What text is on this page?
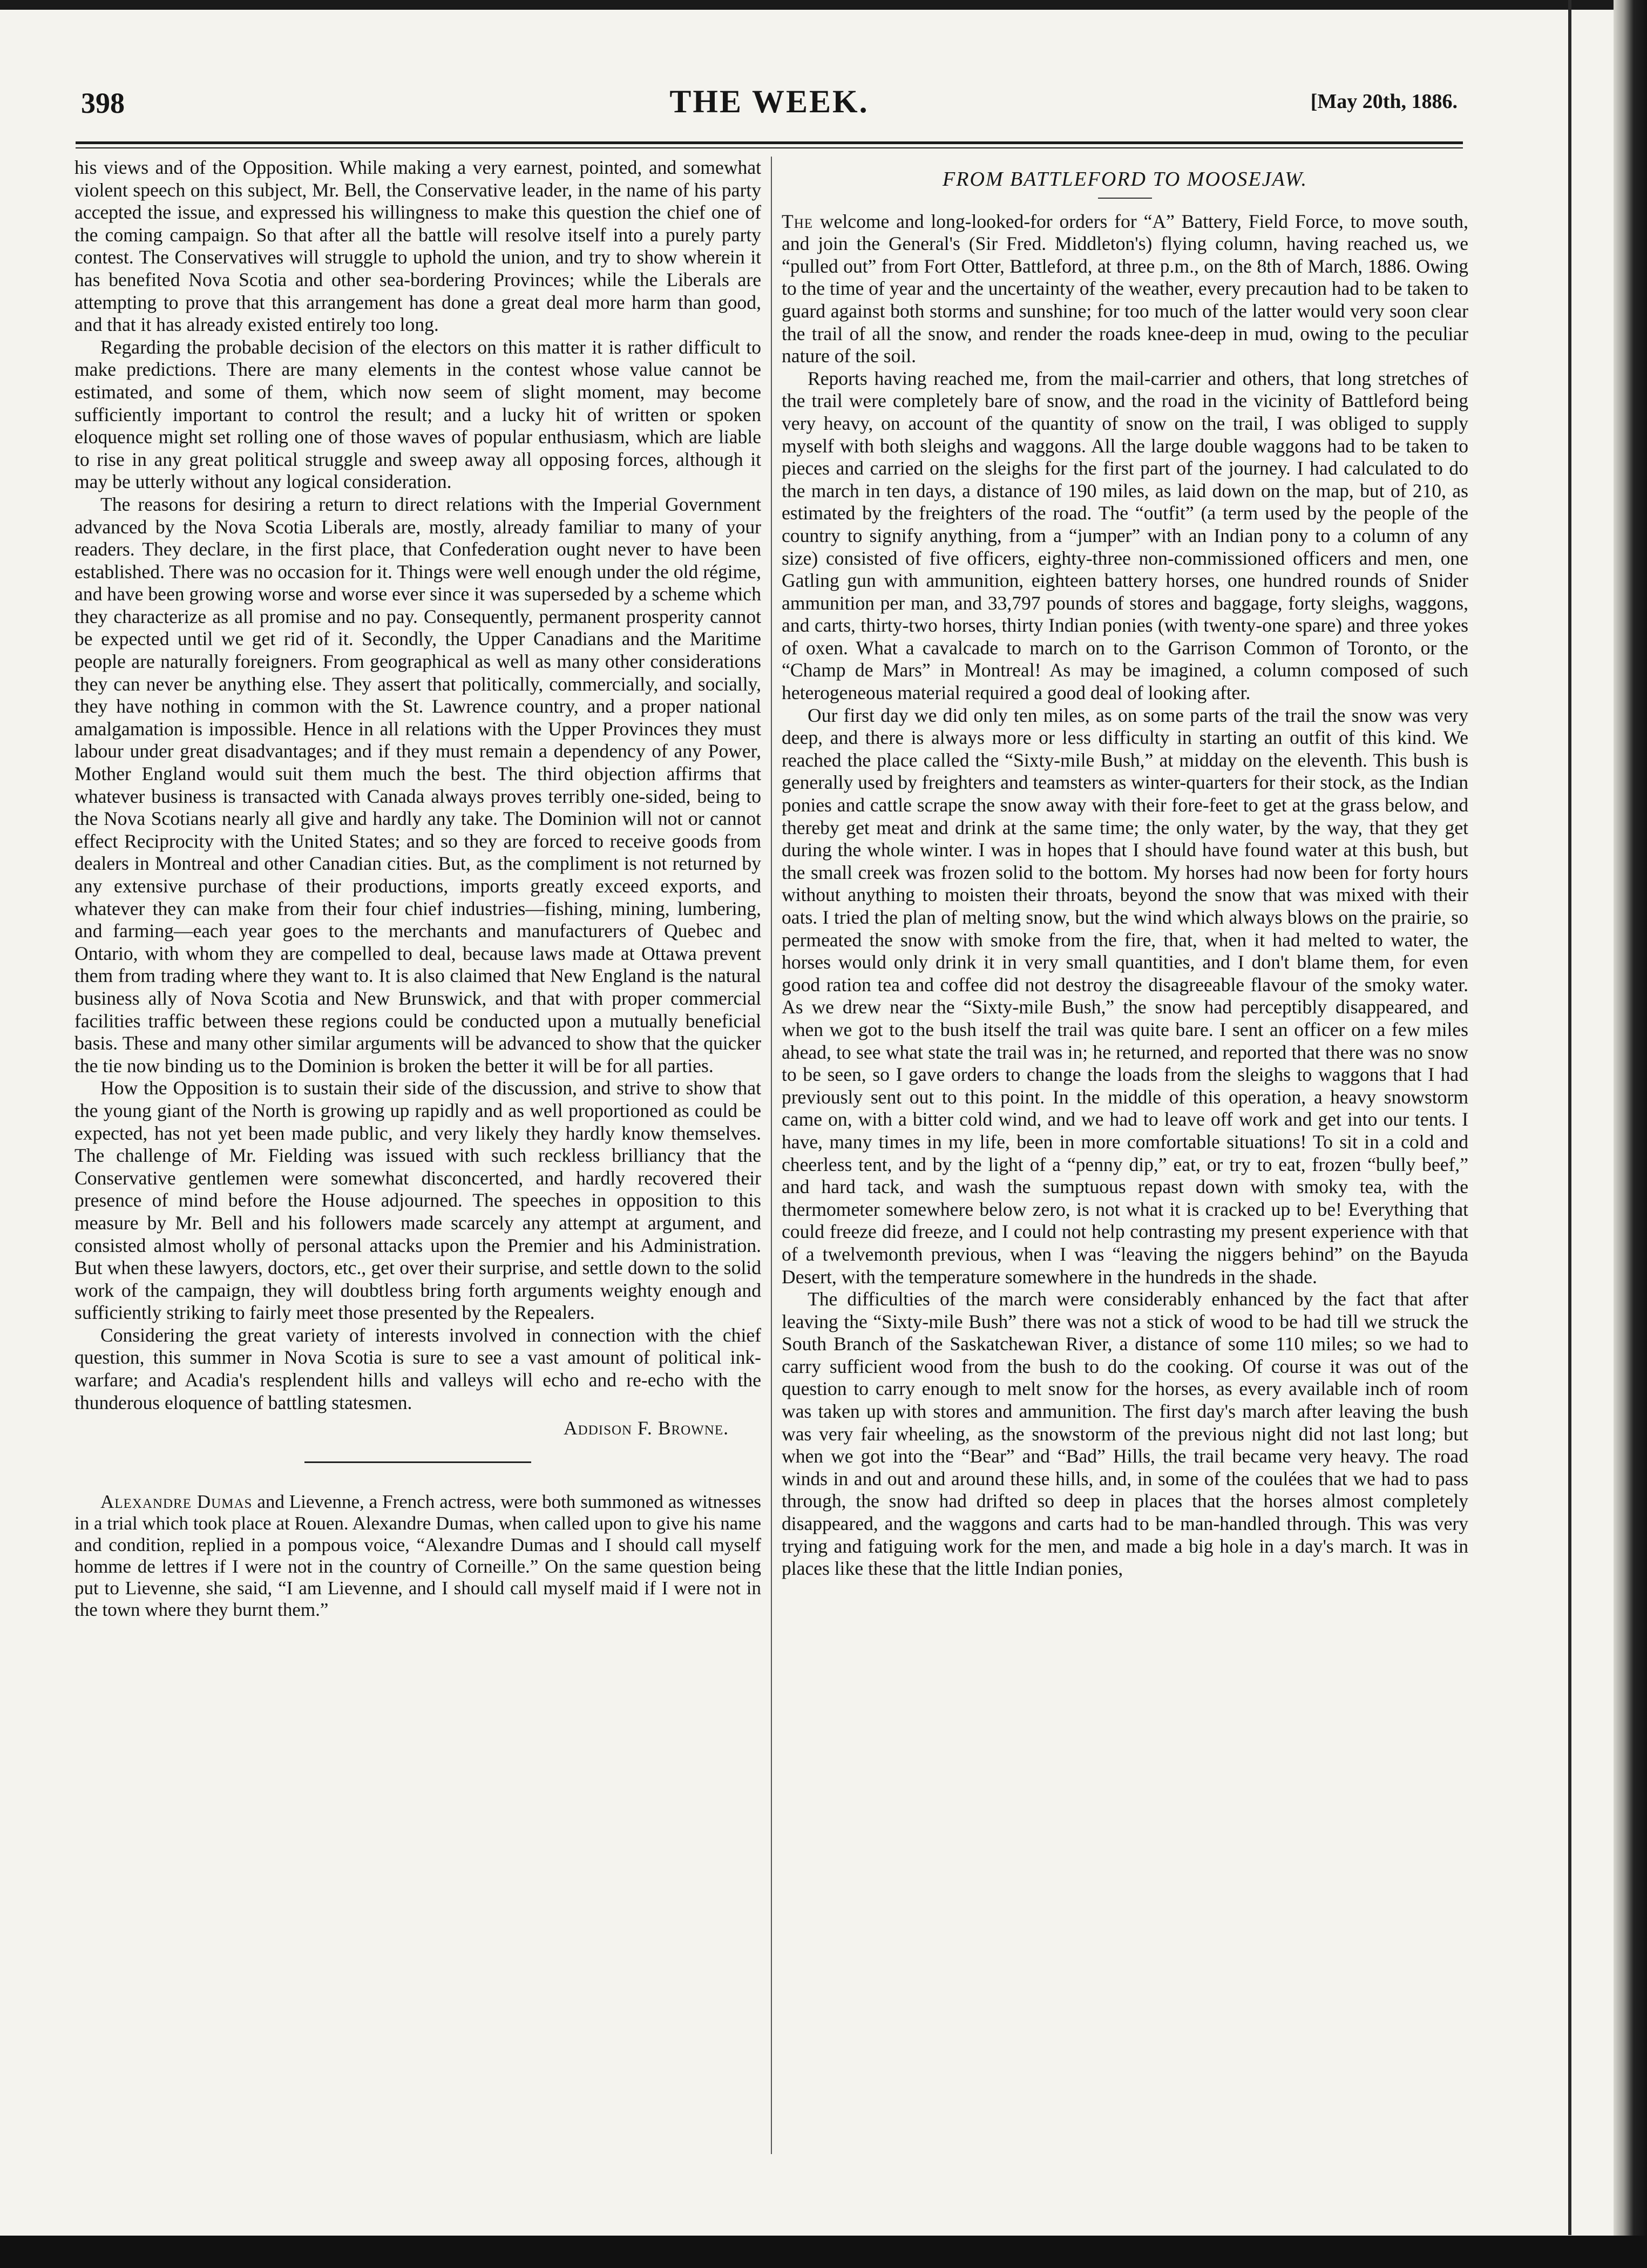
398	THE WEEK.	[May 20th, 1886.

his views and of the Opposition. While making a very earnest, pointed, and somewhat violent speech on this subject, Mr. Bell, the Conservative leader, in the name of his party accepted the issue, and expressed his willingness to make this question the chief one of the coming campaign. So that after all the battle will resolve itself into a purely party contest. The Conservatives will struggle to uphold the union, and try to show wherein it has benefited Nova Scotia and other sea-bordering Provinces; while the Liberals are attempting to prove that this arrangement has done a great deal more harm than good, and that it has already existed entirely too long.

Regarding the probable decision of the electors on this matter it is rather difficult to make predictions. There are many elements in the contest whose value cannot be estimated, and some of them, which now seem of slight moment, may become sufficiently important to control the result; and a lucky hit of written or spoken eloquence might set rolling one of those waves of popular enthusiasm, which are liable to rise in any great political struggle and sweep away all opposing forces, although it may be utterly without any logical consideration.

The reasons for desiring a return to direct relations with the Imperial Government advanced by the Nova Scotia Liberals are, mostly, already familiar to many of your readers. They declare, in the first place, that Confederation ought never to have been established. There was no occasion for it. Things were well enough under the old régime, and have been growing worse and worse ever since it was superseded by a scheme which they characterize as all promise and no pay. Consequently, permanent prosperity cannot be expected until we get rid of it. Secondly, the Upper Canadians and the Maritime people are naturally foreigners. From geographical as well as many other considerations they can never be anything else. They assert that politically, commercially, and socially, they have nothing in common with the St. Lawrence country, and a proper national amalgamation is impossible. Hence in all relations with the Upper Provinces they must labour under great disadvantages; and if they must remain a dependency of any Power, Mother England would suit them much the best. The third objection affirms that whatever business is transacted with Canada always proves terribly one-sided, being to the Nova Scotians nearly all give and hardly any take. The Dominion will not or cannot effect Reciprocity with the United States; and so they are forced to receive goods from dealers in Montreal and other Canadian cities. But, as the compliment is not returned by any extensive purchase of their productions, imports greatly exceed exports, and whatever they can make from their four chief industries—fishing, mining, lumbering, and farming—each year goes to the merchants and manufacturers of Quebec and Ontario, with whom they are compelled to deal, because laws made at Ottawa prevent them from trading where they want to. It is also claimed that New England is the natural business ally of Nova Scotia and New Brunswick, and that with proper commercial facilities traffic between these regions could be conducted upon a mutually beneficial basis. These and many other similar arguments will be advanced to show that the quicker the tie now binding us to the Dominion is broken the better it will be for all parties.

How the Opposition is to sustain their side of the discussion, and strive to show that the young giant of the North is growing up rapidly and as well proportioned as could be expected, has not yet been made public, and very likely they hardly know themselves. The challenge of Mr. Fielding was issued with such reckless brilliancy that the Conservative gentlemen were somewhat disconcerted, and hardly recovered their presence of mind before the House adjourned. The speeches in opposition to this measure by Mr. Bell and his followers made scarcely any attempt at argument, and consisted almost wholly of personal attacks upon the Premier and his Administration. But when these lawyers, doctors, etc., get over their surprise, and settle down to the solid work of the campaign, they will doubtless bring forth arguments weighty enough and sufficiently striking to fairly meet those presented by the Repealers.

Considering the great variety of interests involved in connection with the chief question, this summer in Nova Scotia is sure to see a vast amount of political ink-warfare; and Acadia's resplendent hills and valleys will echo and re-echo with the thunderous eloquence of battling statesmen.

Addison F. Browne.

Alexandre Dumas and Lievenne, a French actress, were both summoned as witnesses in a trial which took place at Rouen. Alexandre Dumas, when called upon to give his name and condition, replied in a pompous voice, “Alexandre Dumas and I should call myself homme de lettres if I were not in the country of Corneille.” On the same question being put to Lievenne, she said, “I am Lievenne, and I should call myself maid if I were not in the town where they burnt them.”

FROM BATTLEFORD TO MOOSEJAW.

The welcome and long-looked-for orders for “A” Battery, Field Force, to move south, and join the General's (Sir Fred. Middleton's) flying column, having reached us, we “pulled out” from Fort Otter, Battleford, at three p.m., on the 8th of March, 1886. Owing to the time of year and the uncertainty of the weather, every precaution had to be taken to guard against both storms and sunshine; for too much of the latter would very soon clear the trail of all the snow, and render the roads knee-deep in mud, owing to the peculiar nature of the soil.

Reports having reached me, from the mail-carrier and others, that long stretches of the trail were completely bare of snow, and the road in the vicinity of Battleford being very heavy, on account of the quantity of snow on the trail, I was obliged to supply myself with both sleighs and waggons. All the large double waggons had to be taken to pieces and carried on the sleighs for the first part of the journey. I had calculated to do the march in ten days, a distance of 190 miles, as laid down on the map, but of 210, as estimated by the freighters of the road. The “outfit” (a term used by the people of the country to signify anything, from a “jumper” with an Indian pony to a column of any size) consisted of five officers, eighty-three non-commissioned officers and men, one Gatling gun with ammunition, eighteen battery horses, one hundred rounds of Snider ammunition per man, and 33,797 pounds of stores and baggage, forty sleighs, waggons, and carts, thirty-two horses, thirty Indian ponies (with twenty-one spare) and three yokes of oxen. What a cavalcade to march on to the Garrison Common of Toronto, or the “Champ de Mars” in Montreal! As may be imagined, a column composed of such heterogeneous material required a good deal of looking after.

Our first day we did only ten miles, as on some parts of the trail the snow was very deep, and there is always more or less difficulty in starting an outfit of this kind. We reached the place called the “Sixty-mile Bush,” at midday on the eleventh. This bush is generally used by freighters and teamsters as winter-quarters for their stock, as the Indian ponies and cattle scrape the snow away with their fore-feet to get at the grass below, and thereby get meat and drink at the same time; the only water, by the way, that they get during the whole winter. I was in hopes that I should have found water at this bush, but the small creek was frozen solid to the bottom. My horses had now been for forty hours without anything to moisten their throats, beyond the snow that was mixed with their oats. I tried the plan of melting snow, but the wind which always blows on the prairie, so permeated the snow with smoke from the fire, that, when it had melted to water, the horses would only drink it in very small quantities, and I don't blame them, for even good ration tea and coffee did not destroy the disagreeable flavour of the smoky water. As we drew near the “Sixty-mile Bush,” the snow had perceptibly disappeared, and when we got to the bush itself the trail was quite bare. I sent an officer on a few miles ahead, to see what state the trail was in; he returned, and reported that there was no snow to be seen, so I gave orders to change the loads from the sleighs to waggons that I had previously sent out to this point. In the middle of this operation, a heavy snowstorm came on, with a bitter cold wind, and we had to leave off work and get into our tents. I have, many times in my life, been in more comfortable situations! To sit in a cold and cheerless tent, and by the light of a “penny dip,” eat, or try to eat, frozen “bully beef,” and hard tack, and wash the sumptuous repast down with smoky tea, with the thermometer somewhere below zero, is not what it is cracked up to be! Everything that could freeze did freeze, and I could not help contrasting my present experience with that of a twelvemonth previous, when I was “leaving the niggers behind” on the Bayuda Desert, with the temperature somewhere in the hundreds in the shade.

The difficulties of the march were considerably enhanced by the fact that after leaving the “Sixty-mile Bush” there was not a stick of wood to be had till we struck the South Branch of the Saskatchewan River, a distance of some 110 miles; so we had to carry sufficient wood from the bush to do the cooking. Of course it was out of the question to carry enough to melt snow for the horses, as every available inch of room was taken up with stores and ammunition. The first day's march after leaving the bush was very fair wheeling, as the snowstorm of the previous night did not last long; but when we got into the “Bear” and “Bad” Hills, the trail became very heavy. The road winds in and out and around these hills, and, in some of the coulées that we had to pass through, the snow had drifted so deep in places that the horses almost completely disappeared, and the waggons and carts had to be man-handled through. This was very trying and fatiguing work for the men, and made a big hole in a day's march. It was in places like these that the little Indian ponies,
